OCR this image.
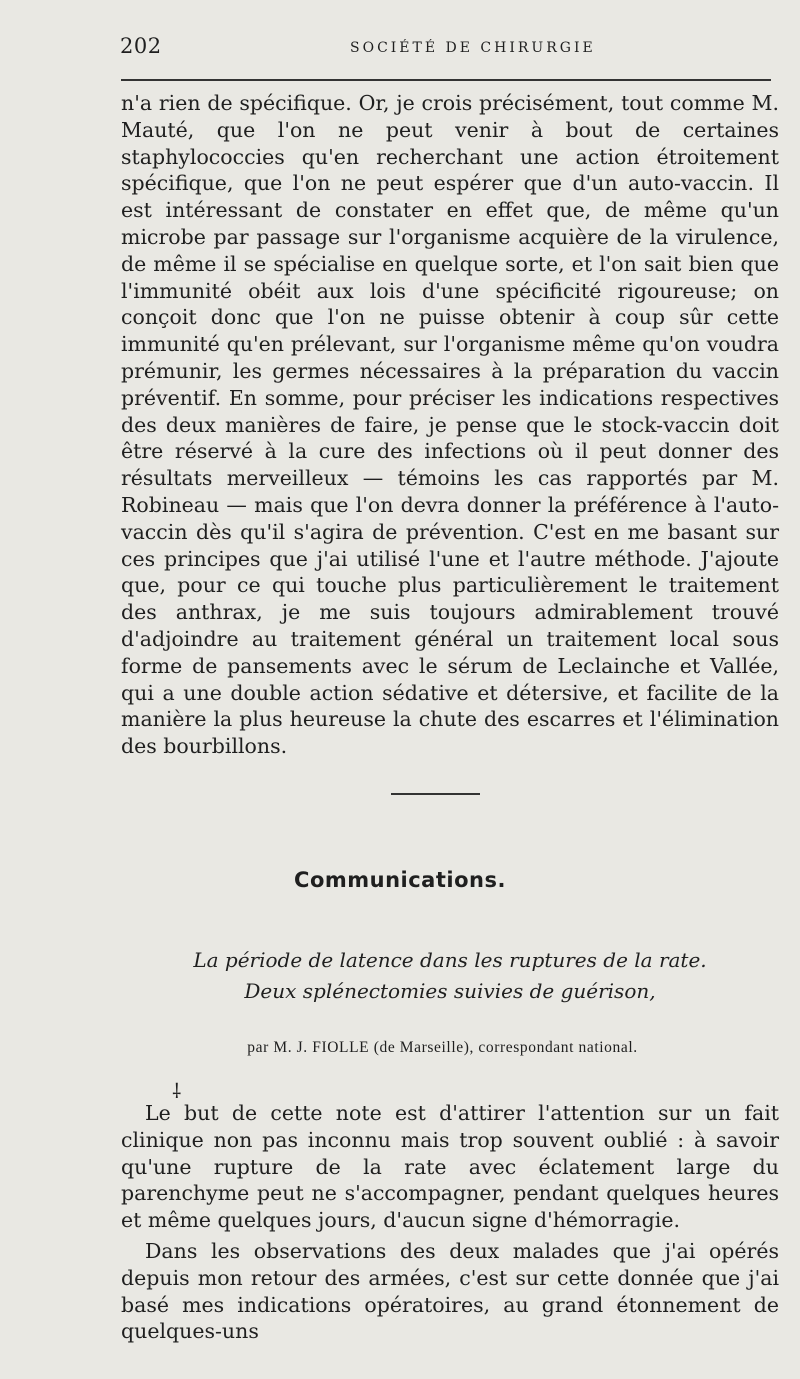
202	SOCIÉTÉ DE CHIRURGIE

n'a rien de spécifique. Or, je crois précisément, tout comme M. Mauté, que l'on ne peut venir à bout de certaines staphylococcies qu'en recherchant une action étroitement spécifique, que l'on ne peut espérer que d'un auto-vaccin. Il est intéressant de constater en effet que, de même qu'un microbe par passage sur l'organisme acquière de la virulence, de même il se spécialise en quelque sorte, et l'on sait bien que l'immunité obéit aux lois d'une spécificité rigoureuse; on conçoit donc que l'on ne puisse obtenir à coup sûr cette immunité qu'en prélevant, sur l'organisme même qu'on voudra prémunir, les germes nécessaires à la préparation du vaccin préventif. En somme, pour préciser les indications respectives des deux manières de faire, je pense que le stock-vaccin doit être réservé à la cure des infections où il peut donner des résultats merveilleux — témoins les cas rapportés par M. Robineau — mais que l'on devra donner la préférence à l'auto-vaccin dès qu'il s'agira de prévention. C'est en me basant sur ces principes que j'ai utilisé l'une et l'autre méthode. J'ajoute que, pour ce qui touche plus particulièrement le traitement des anthrax, je me suis toujours admirablement trouvé d'adjoindre au traitement général un traitement local sous forme de pansements avec le sérum de Leclainche et Vallée, qui a une double action sédative et détersive, et facilite de la manière la plus heureuse la chute des escarres et l'élimination des bourbillons.

Communications.
La période de latence dans les ruptures de la rate.
Deux splénectomies suivies de guérison,
par M. J. FIOLLE (de Marseille), correspondant national.
⸸

Le but de cette note est d'attirer l'attention sur un fait clinique non pas inconnu mais trop souvent oublié : à savoir qu'une rupture de la rate avec éclatement large du parenchyme peut ne s'accompagner, pendant quelques heures et même quelques jours, d'aucun signe d'hémorragie.

Dans les observations des deux malades que j'ai opérés depuis mon retour des armées, c'est sur cette donnée que j'ai basé mes indications opératoires, au grand étonnement de quelques-uns
